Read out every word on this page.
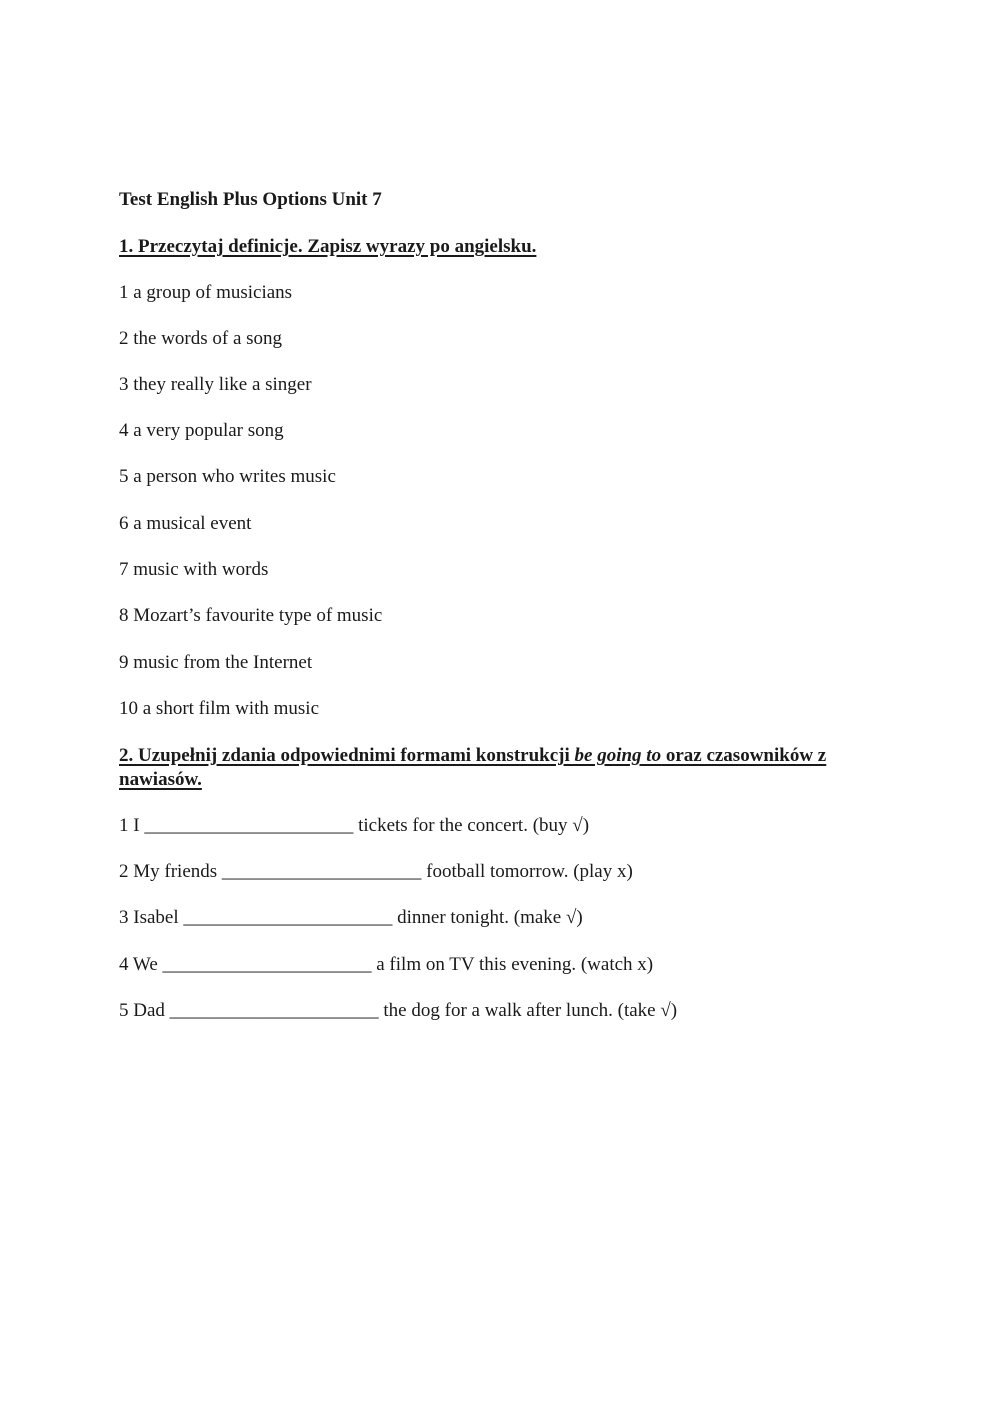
Test English Plus Options Unit 7
1. Przeczytaj definicje. Zapisz wyrazy po angielsku.
1 a group of musicians
2 the words of a song
3 they really like a singer
4 a very popular song
5 a person who writes music
6 a musical event
7 music with words
8 Mozart’s favourite type of music
9 music from the Internet
10 a short film with music
2. Uzupełnij zdania odpowiednimi formami konstrukcji be going to oraz czasowników z nawiasów.
1 I ______________________ tickets for the concert. (buy √)
2 My friends _____________________ football tomorrow. (play x)
3 Isabel ______________________ dinner tonight. (make √)
4 We ______________________ a film on TV this evening. (watch x)
5 Dad ______________________ the dog for a walk after lunch. (take √)
